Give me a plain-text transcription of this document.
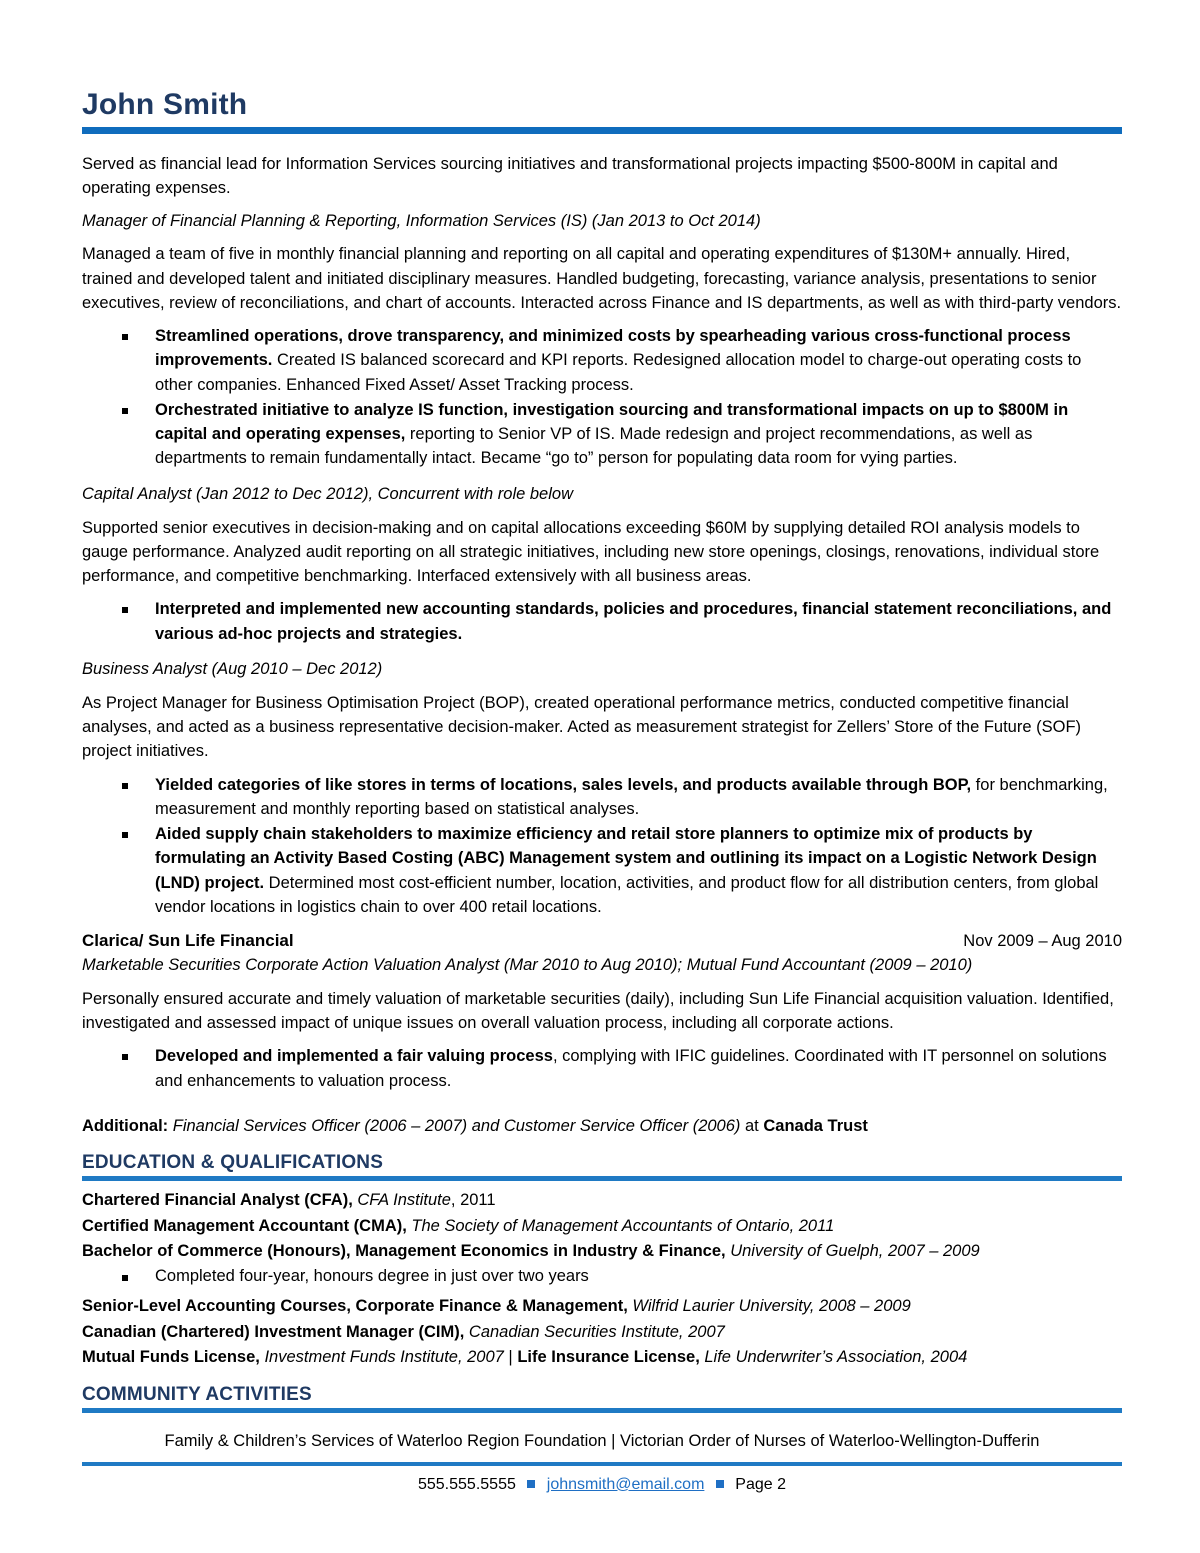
John Smith

Served as financial lead for Information Services sourcing initiatives and transformational projects impacting $500-800M in capital and operating expenses.

Manager of Financial Planning & Reporting, Information Services (IS) (Jan 2013 to Oct 2014)

Managed a team of five in monthly financial planning and reporting on all capital and operating expenditures of $130M+ annually. Hired, trained and developed talent and initiated disciplinary measures. Handled budgeting, forecasting, variance analysis, presentations to senior executives, review of reconciliations, and chart of accounts. Interacted across Finance and IS departments, as well as with third-party vendors.

Streamlined operations, drove transparency, and minimized costs by spearheading various cross-functional process improvements. Created IS balanced scorecard and KPI reports. Redesigned allocation model to charge-out operating costs to other companies. Enhanced Fixed Asset/ Asset Tracking process.
Orchestrated initiative to analyze IS function, investigation sourcing and transformational impacts on up to $800M in capital and operating expenses, reporting to Senior VP of IS. Made redesign and project recommendations, as well as departments to remain fundamentally intact. Became “go to” person for populating data room for vying parties.
Capital Analyst (Jan 2012 to Dec 2012), Concurrent with role below

Supported senior executives in decision-making and on capital allocations exceeding $60M by supplying detailed ROI analysis models to gauge performance. Analyzed audit reporting on all strategic initiatives, including new store openings, closings, renovations, individual store performance, and competitive benchmarking. Interfaced extensively with all business areas.

Interpreted and implemented new accounting standards, policies and procedures, financial statement reconciliations, and various ad-hoc projects and strategies.
Business Analyst (Aug 2010 – Dec 2012)

As Project Manager for Business Optimisation Project (BOP), created operational performance metrics, conducted competitive financial analyses, and acted as a business representative decision-maker. Acted as measurement strategist for Zellers’ Store of the Future (SOF) project initiatives.

Yielded categories of like stores in terms of locations, sales levels, and products available through BOP, for benchmarking, measurement and monthly reporting based on statistical analyses.
Aided supply chain stakeholders to maximize efficiency and retail store planners to optimize mix of products by formulating an Activity Based Costing (ABC) Management system and outlining its impact on a Logistic Network Design (LND) project. Determined most cost-efficient number, location, activities, and product flow for all distribution centers, from global vendor locations in logistics chain to over 400 retail locations.
Clarica/ Sun Life Financial	Nov 2009 – Aug 2010
Marketable Securities Corporate Action Valuation Analyst (Mar 2010 to Aug 2010); Mutual Fund Accountant (2009 – 2010)

Personally ensured accurate and timely valuation of marketable securities (daily), including Sun Life Financial acquisition valuation. Identified, investigated and assessed impact of unique issues on overall valuation process, including all corporate actions.

Developed and implemented a fair valuing process, complying with IFIC guidelines. Coordinated with IT personnel on solutions and enhancements to valuation process.

Additional: Financial Services Officer (2006 – 2007) and Customer Service Officer (2006) at Canada Trust

EDUCATION & QUALIFICATIONS
Chartered Financial Analyst (CFA), CFA Institute, 2011
Certified Management Accountant (CMA), The Society of Management Accountants of Ontario, 2011
Bachelor of Commerce (Honours), Management Economics in Industry & Finance, University of Guelph, 2007 – 2009
Completed four-year, honours degree in just over two years
Senior-Level Accounting Courses, Corporate Finance & Management, Wilfrid Laurier University, 2008 – 2009
Canadian (Chartered) Investment Manager (CIM), Canadian Securities Institute, 2007
Mutual Funds License, Investment Funds Institute, 2007 | Life Insurance License, Life Underwriter’s Association, 2004
COMMUNITY ACTIVITIES
Family & Children’s Services of Waterloo Region Foundation | Victorian Order of Nurses of Waterloo-Wellington-Dufferin
555.555.5555 johnsmith@email.com Page 2
